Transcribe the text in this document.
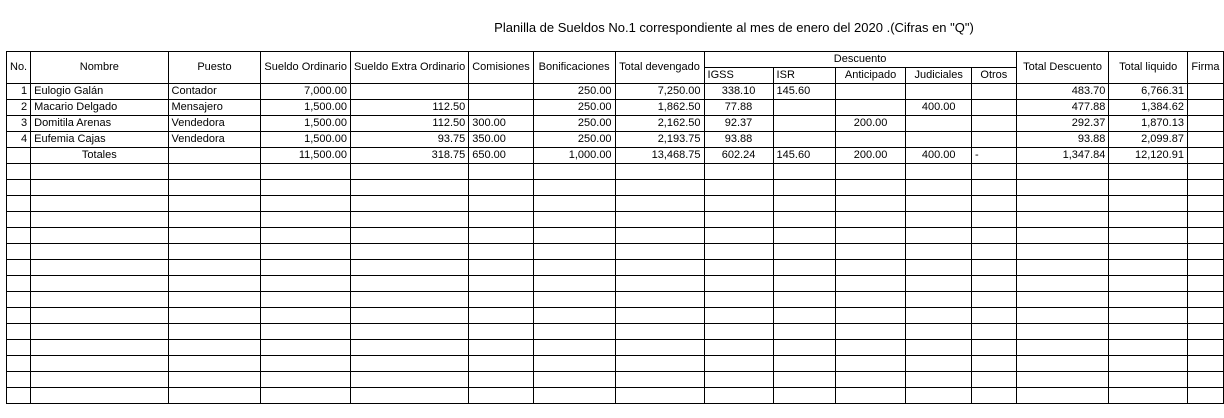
Planilla de Sueldos No.1 correspondiente al mes de enero del 2020 .(Cifras en "Q")
No.	Nombre	Puesto	Sueldo Ordinario	Sueldo Extra Ordinario	Comisiones	Bonificaciones	Total devengado	Descuento					Total Descuento	Total liquido	Firma
								IGSS	ISR	Anticipado	Judiciales	Otros			
1	Eulogio Galán	Contador	7,000.00			250.00	7,250.00	338.10	145.60				483.70	6,766.31	
2	Macario Delgado	Mensajero	1,500.00	112.50		250.00	1,862.50	77.88			400.00		477.88	1,384.62	
3	Domitila Arenas	Vendedora	1,500.00	112.50	300.00	250.00	2,162.50	92.37		200.00			292.37	1,870.13	
4	Eufemia Cajas	Vendedora	1,500.00	93.75	350.00	250.00	2,193.75	93.88					93.88	2,099.87	
	Totales		11,500.00	318.75	650.00	1,000.00	13,468.75	602.24	145.60	200.00	400.00	-	1,347.84	12,120.91	
